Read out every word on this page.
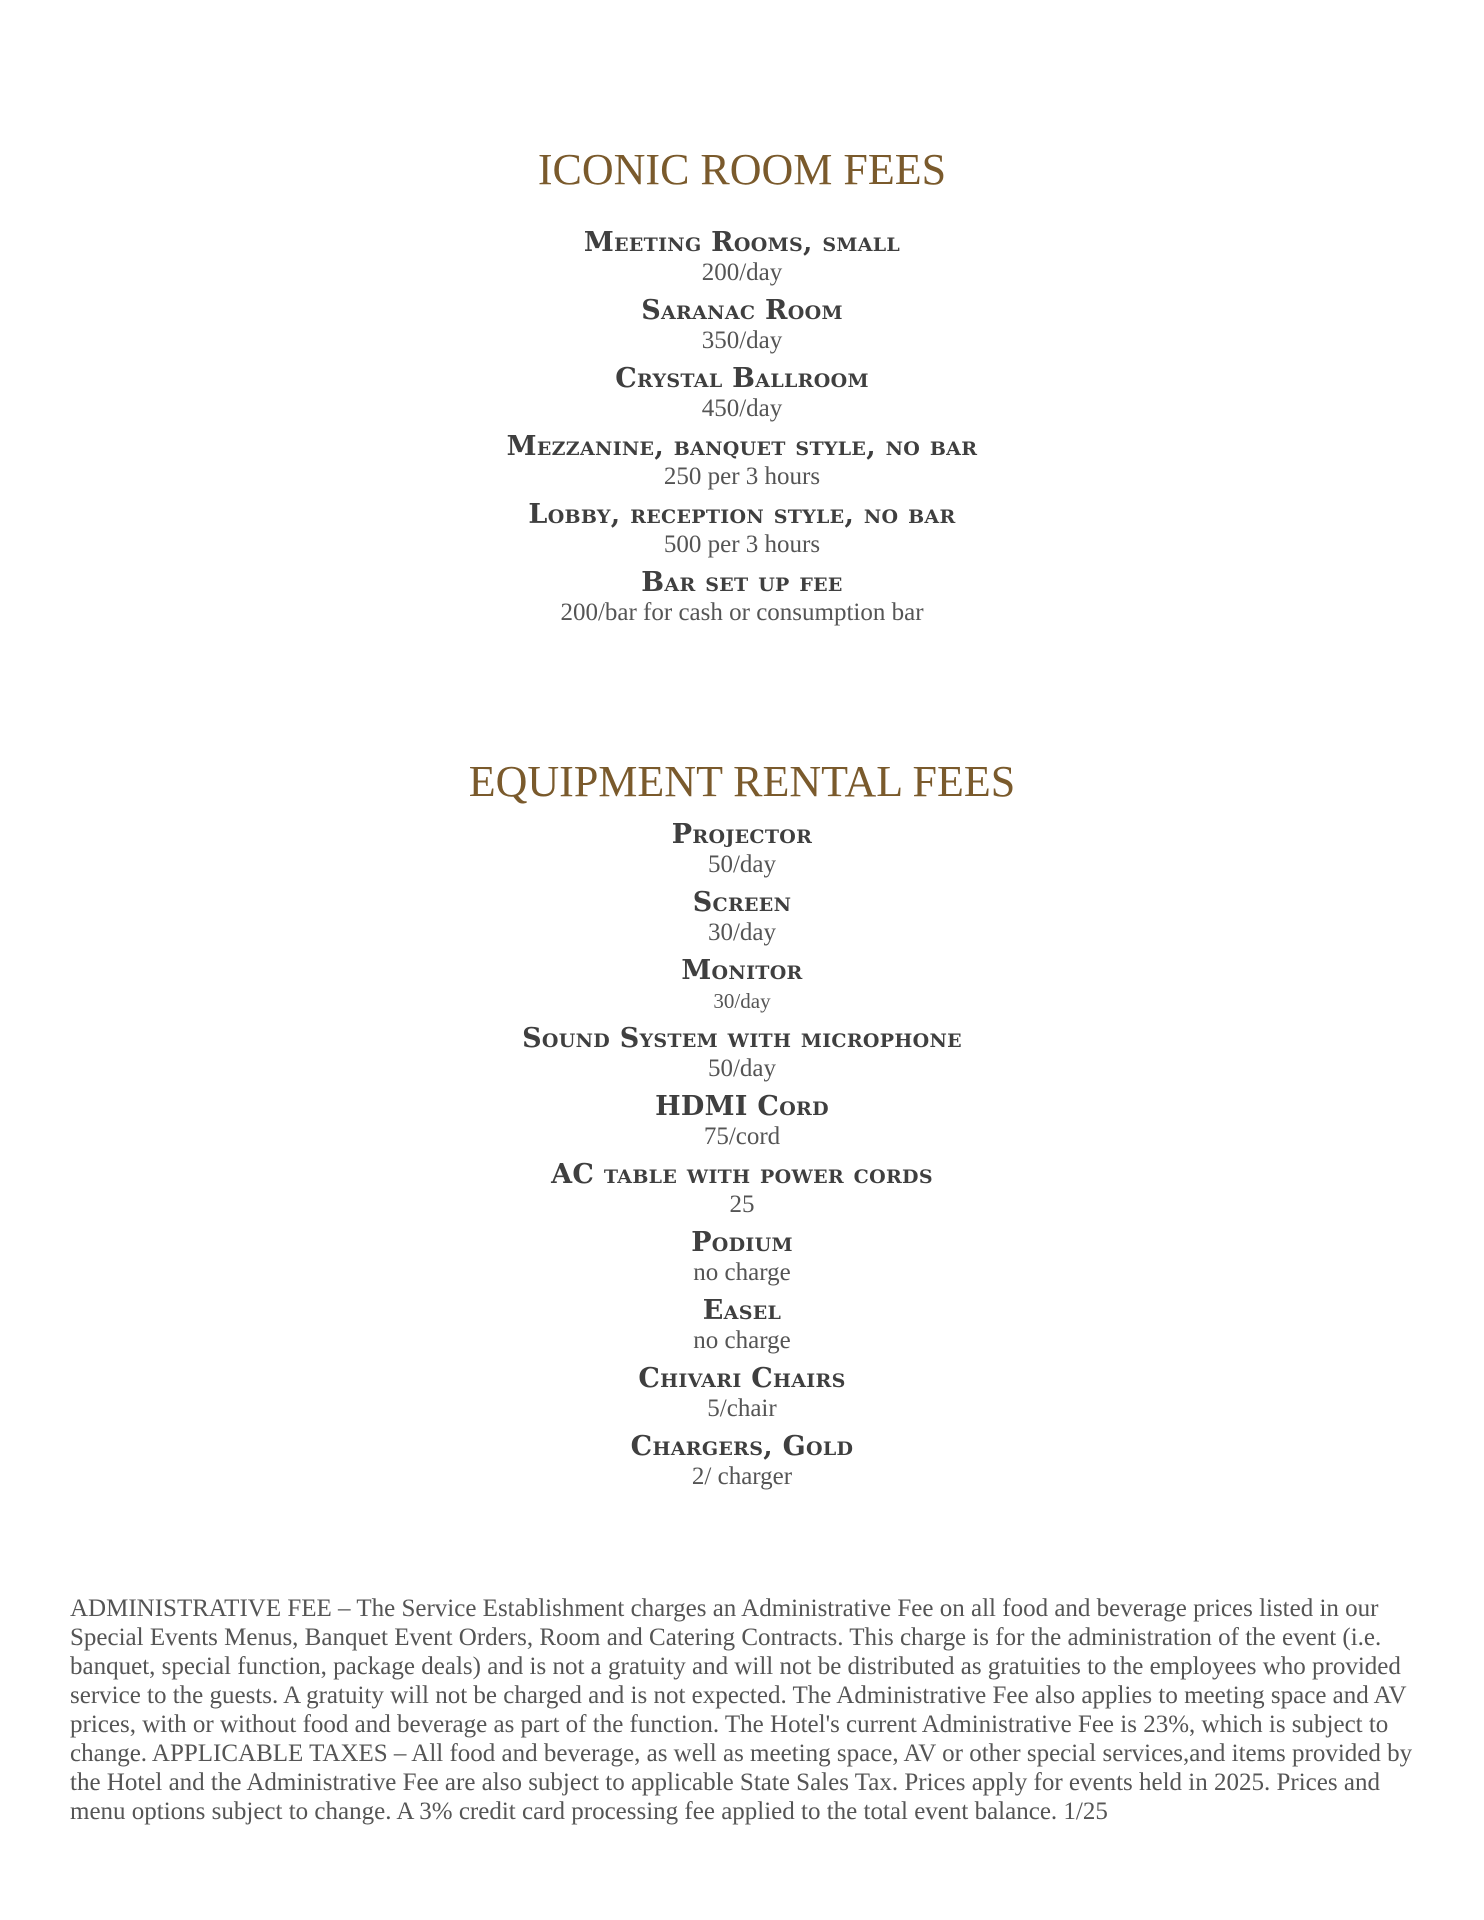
ICONIC ROOM FEES
Meeting Rooms, small
200/day
Saranac Room
350/day
Crystal Ballroom
450/day
Mezzanine, banquet style, no bar
250 per 3 hours
Lobby, reception style, no bar
500 per 3 hours
Bar set up fee
200/bar for cash or consumption bar
EQUIPMENT RENTAL FEES
Projector
50/day
Screen
30/day
Monitor
30/day
Sound System with microphone
50/day
HDMI Cord
75/cord
AC table with power cords
25
Podium
no charge
Easel
no charge
Chivari Chairs
5/chair
Chargers, Gold
2/ charger

ADMINISTRATIVE FEE – The Service Establishment charges an Administrative Fee on all food and beverage prices listed in our Special Events Menus, Banquet Event Orders, Room and Catering Contracts. This charge is for the administration of the event (i.e. banquet, special function, package deals) and is not a gratuity and will not be distributed as gratuities to the employees who provided service to the guests. A gratuity will not be charged and is not expected. The Administrative Fee also applies to meeting space and AV prices, with or without food and beverage as part of the function. The Hotel's current Administrative Fee is 23%, which is subject to change. APPLICABLE TAXES – All food and beverage, as well as meeting space, AV or other special services,and items provided by the Hotel and the Administrative Fee are also subject to applicable State Sales Tax. Prices apply for events held in 2025. Prices and menu options subject to change. A 3% credit card processing fee applied to the total event balance. 1/25
